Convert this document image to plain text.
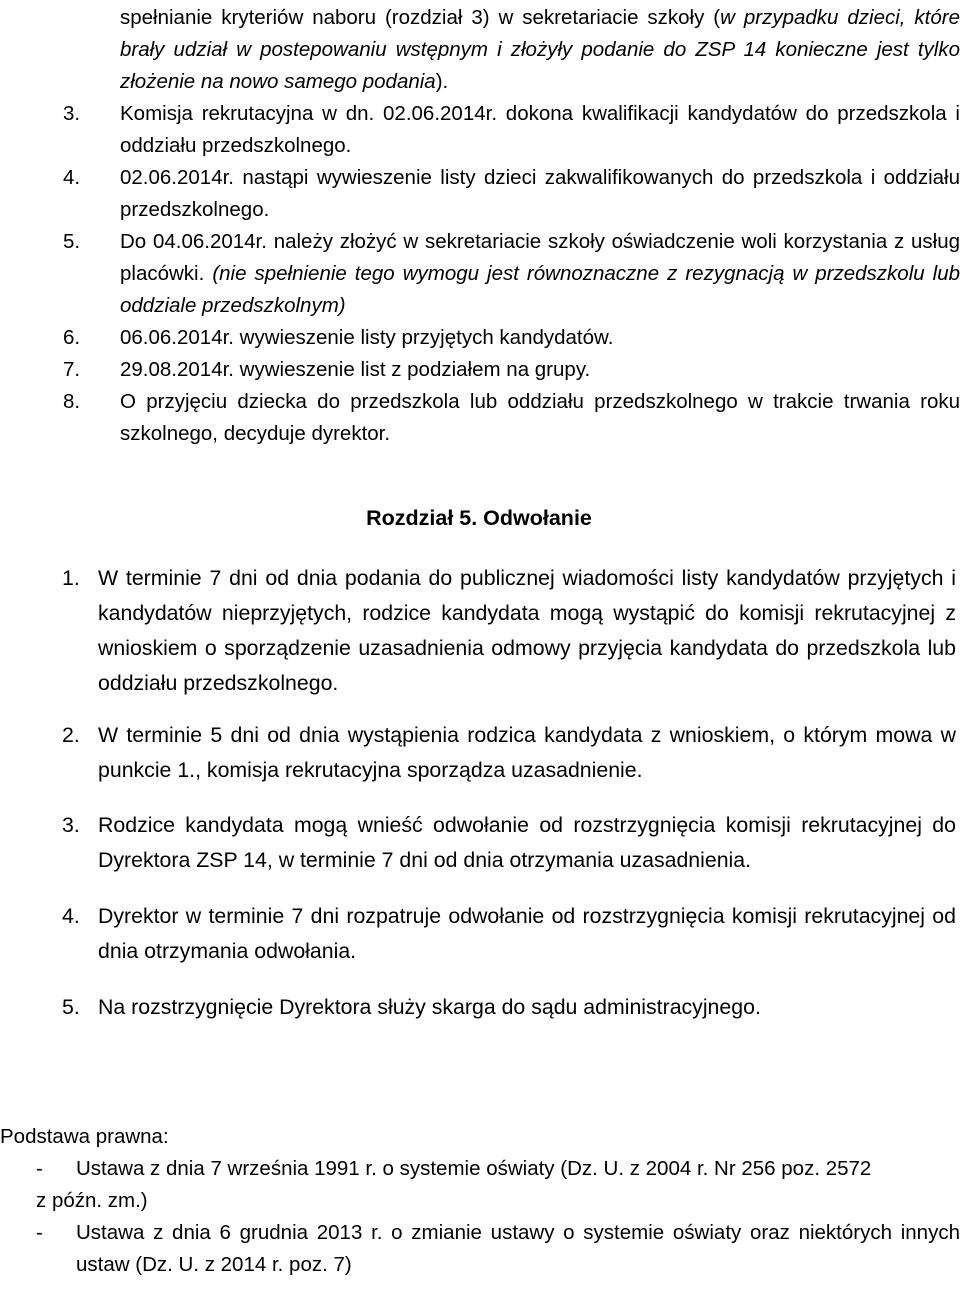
spełnianie kryteriów naboru (rozdział 3) w sekretariacie szkoły (w przypadku dzieci, które brały udział w postepowaniu wstępnym i złożyły podanie do ZSP 14 konieczne jest tylko złożenie na nowo samego podania).

3. Komisja rekrutacyjna w dn. 02.06.2014r. dokona kwalifikacji kandydatów do przedszkola i oddziału przedszkolnego.
4. 02.06.2014r. nastąpi wywieszenie listy dzieci zakwalifikowanych do przedszkola i oddziału przedszkolnego.
5. Do 04.06.2014r. należy złożyć w sekretariacie szkoły oświadczenie woli korzystania z usług placówki. (nie spełnienie tego wymogu jest równoznaczne z rezygnacją w przedszkolu lub oddziale przedszkolnym)
6. 06.06.2014r. wywieszenie listy przyjętych kandydatów.
7. 29.08.2014r. wywieszenie list z podziałem na grupy.
8. O przyjęciu dziecka do przedszkola lub oddziału przedszkolnego w trakcie trwania roku szkolnego, decyduje dyrektor.
Rozdział 5. Odwołanie

1. W terminie 7 dni od dnia podania do publicznej wiadomości listy kandydatów przyjętych i kandydatów nieprzyjętych, rodzice kandydata mogą wystąpić do komisji rekrutacyjnej z wnioskiem o sporządzenie uzasadnienia odmowy przyjęcia kandydata do przedszkola lub oddziału przedszkolnego.

2. W terminie 5 dni od dnia wystąpienia rodzica kandydata z wnioskiem, o którym mowa w punkcie 1., komisja rekrutacyjna sporządza uzasadnienie.

3. Rodzice kandydata mogą wnieść odwołanie od rozstrzygnięcia komisji rekrutacyjnej do Dyrektora ZSP 14, w terminie 7 dni od dnia otrzymania uzasadnienia.

4. Dyrektor w terminie 7 dni rozpatruje odwołanie od rozstrzygnięcia komisji rekrutacyjnej od dnia otrzymania odwołania.

5. Na rozstrzygnięcie Dyrektora służy skarga do sądu administracyjnego.

Podstawa prawna:

- Ustawa z dnia 7 września 1991 r. o systemie oświaty (Dz. U. z 2004 r. Nr 256 poz. 2572

z późn. zm.)

- Ustawa z dnia 6 grudnia 2013 r. o zmianie ustawy o systemie oświaty oraz niektórych innych ustaw (Dz. U. z 2014 r. poz. 7)
